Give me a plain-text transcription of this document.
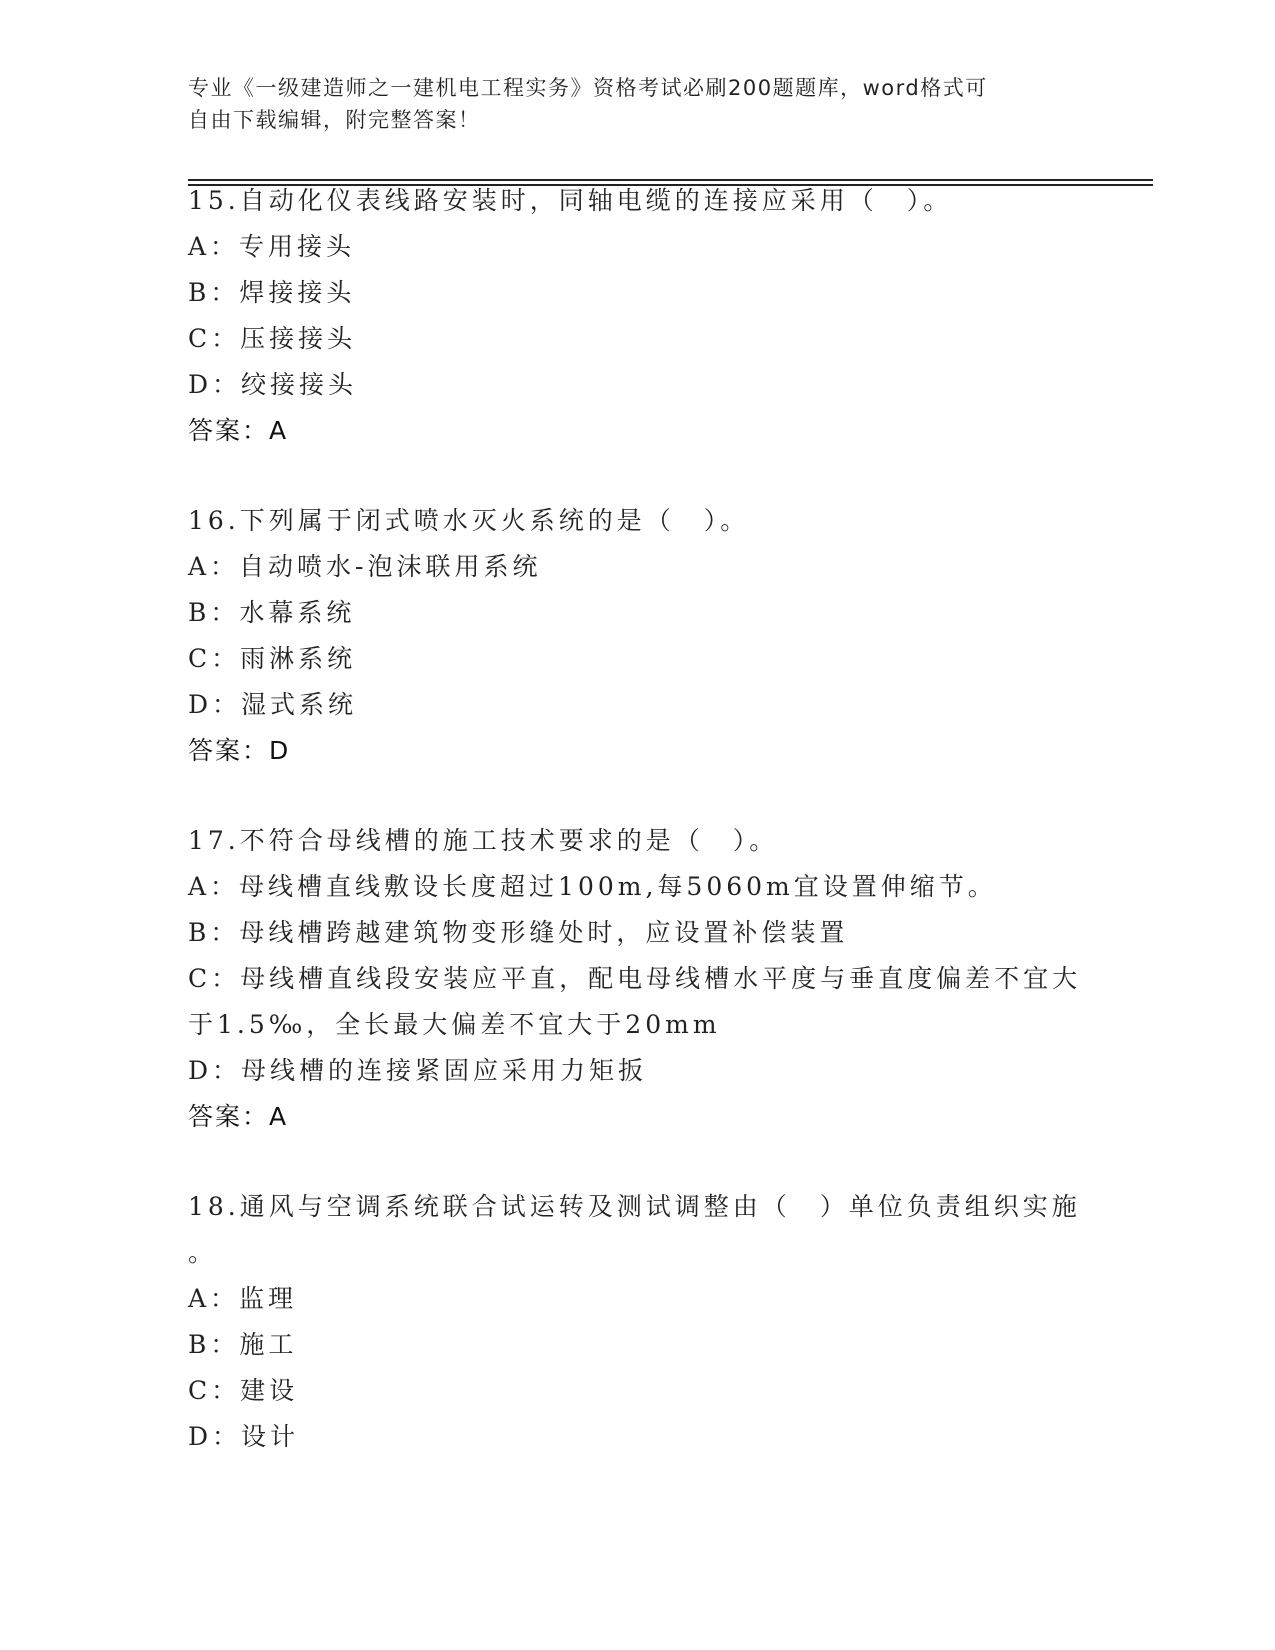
专业《一级建造师之一建机电工程实务》资格考试必刷200题题库，word格式可
自由下载编辑，附完整答案！
15.自动化仪表线路安装时，同轴电缆的连接应采用（　）。
A：专用接头
B：焊接接头
C：压接接头
D：绞接接头
答案：A
16.下列属于闭式喷水灭火系统的是（　）。
A：自动喷水-泡沫联用系统
B：水幕系统
C：雨淋系统
D：湿式系统
答案：D
17.不符合母线槽的施工技术要求的是（　）。
A：母线槽直线敷设长度超过100m,每5060m宜设置伸缩节。
B：母线槽跨越建筑物变形缝处时，应设置补偿装置
C：母线槽直线段安装应平直，配电母线槽水平度与垂直度偏差不宜大
于1.5‰，全长最大偏差不宜大于20mm
D：母线槽的连接紧固应采用力矩扳
答案：A
18.通风与空调系统联合试运转及测试调整由（　）单位负责组织实施
。
A：监理
B：施工
C：建设
D：设计
